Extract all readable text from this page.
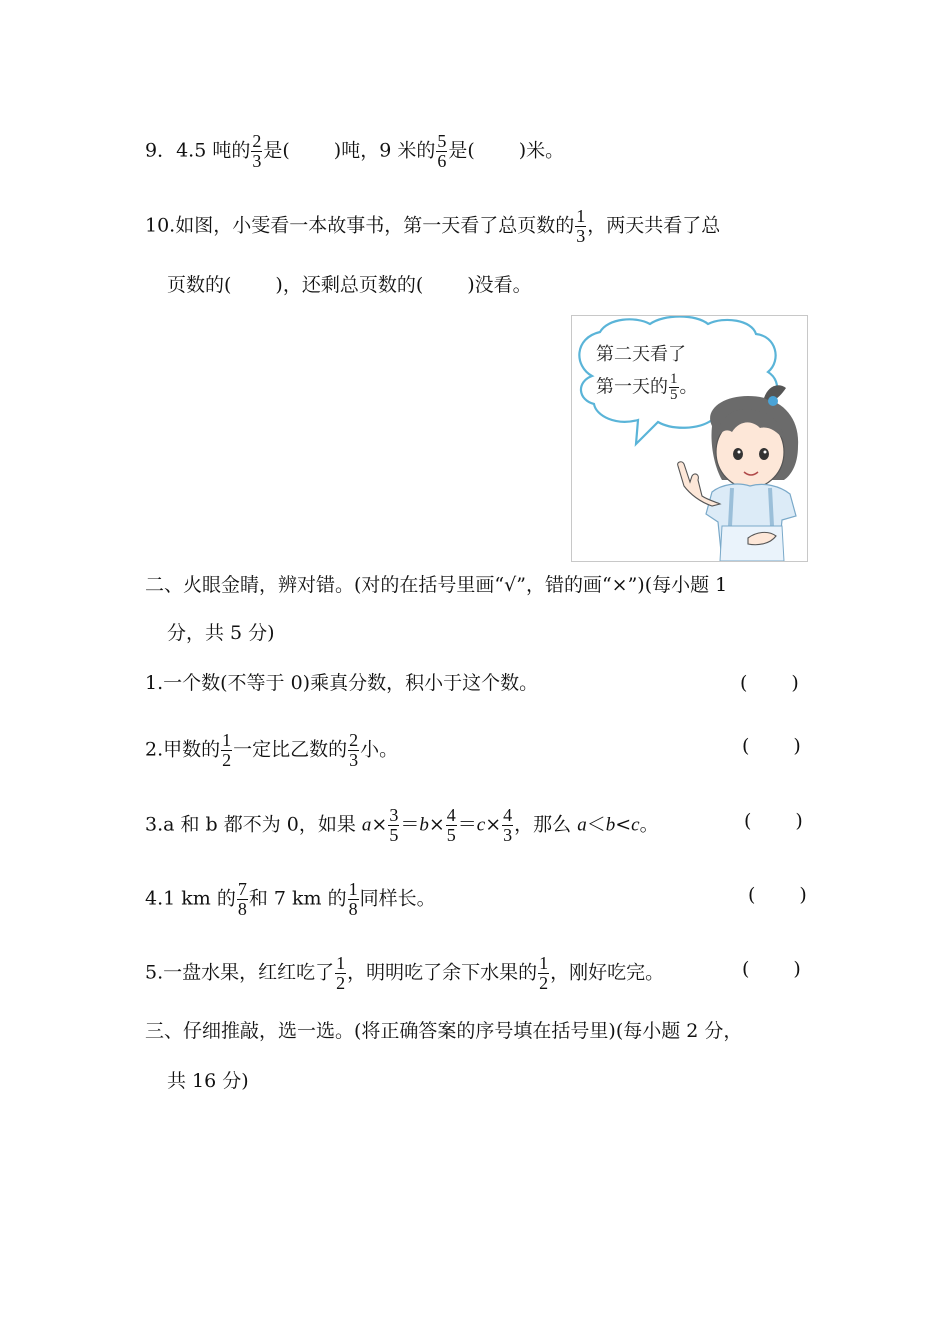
9．4.5 吨的 $\frac{2}{3}$ 是( )吨，9 米的 $\frac{5}{6}$ 是( )米。
10.如图，小雯看一本故事书，第一天看了总页数的 $\frac{1}{3}$ ，两天共看了总
页数的( )，还剩总页数的( )没看。
第二天看了
第一天的 $\frac{1}{5}$ 。
二、火眼金睛，辨对错。(对的在括号里画“√”，错的画“×”)(每小题 1
分，共 5 分)
1.一个数(不等于 0)乘真分数，积小于这个数。	( )
2.甲数的 $\frac{1}{2}$ 一定比乙数的 $\frac{2}{3}$ 小。	( )
3.a 和 b 都不为 0，如果 $a\times \frac{3}{5} =b\times \frac{4}{5} =c\times \frac{4}{3}$ ，那么 a＜b<c。	( )
4.1 km 的 $\frac{7}{8}$ 和 7 km 的 $\frac{1}{8}$ 同样长。	( )
5.一盘水果，红红吃了 $\frac{1}{2}$ ，明明吃了余下水果的 $\frac{1}{2}$ ，刚好吃完。	( )
三、仔细推敲，选一选。(将正确答案的序号填在括号里)(每小题 2 分，
共 16 分)
